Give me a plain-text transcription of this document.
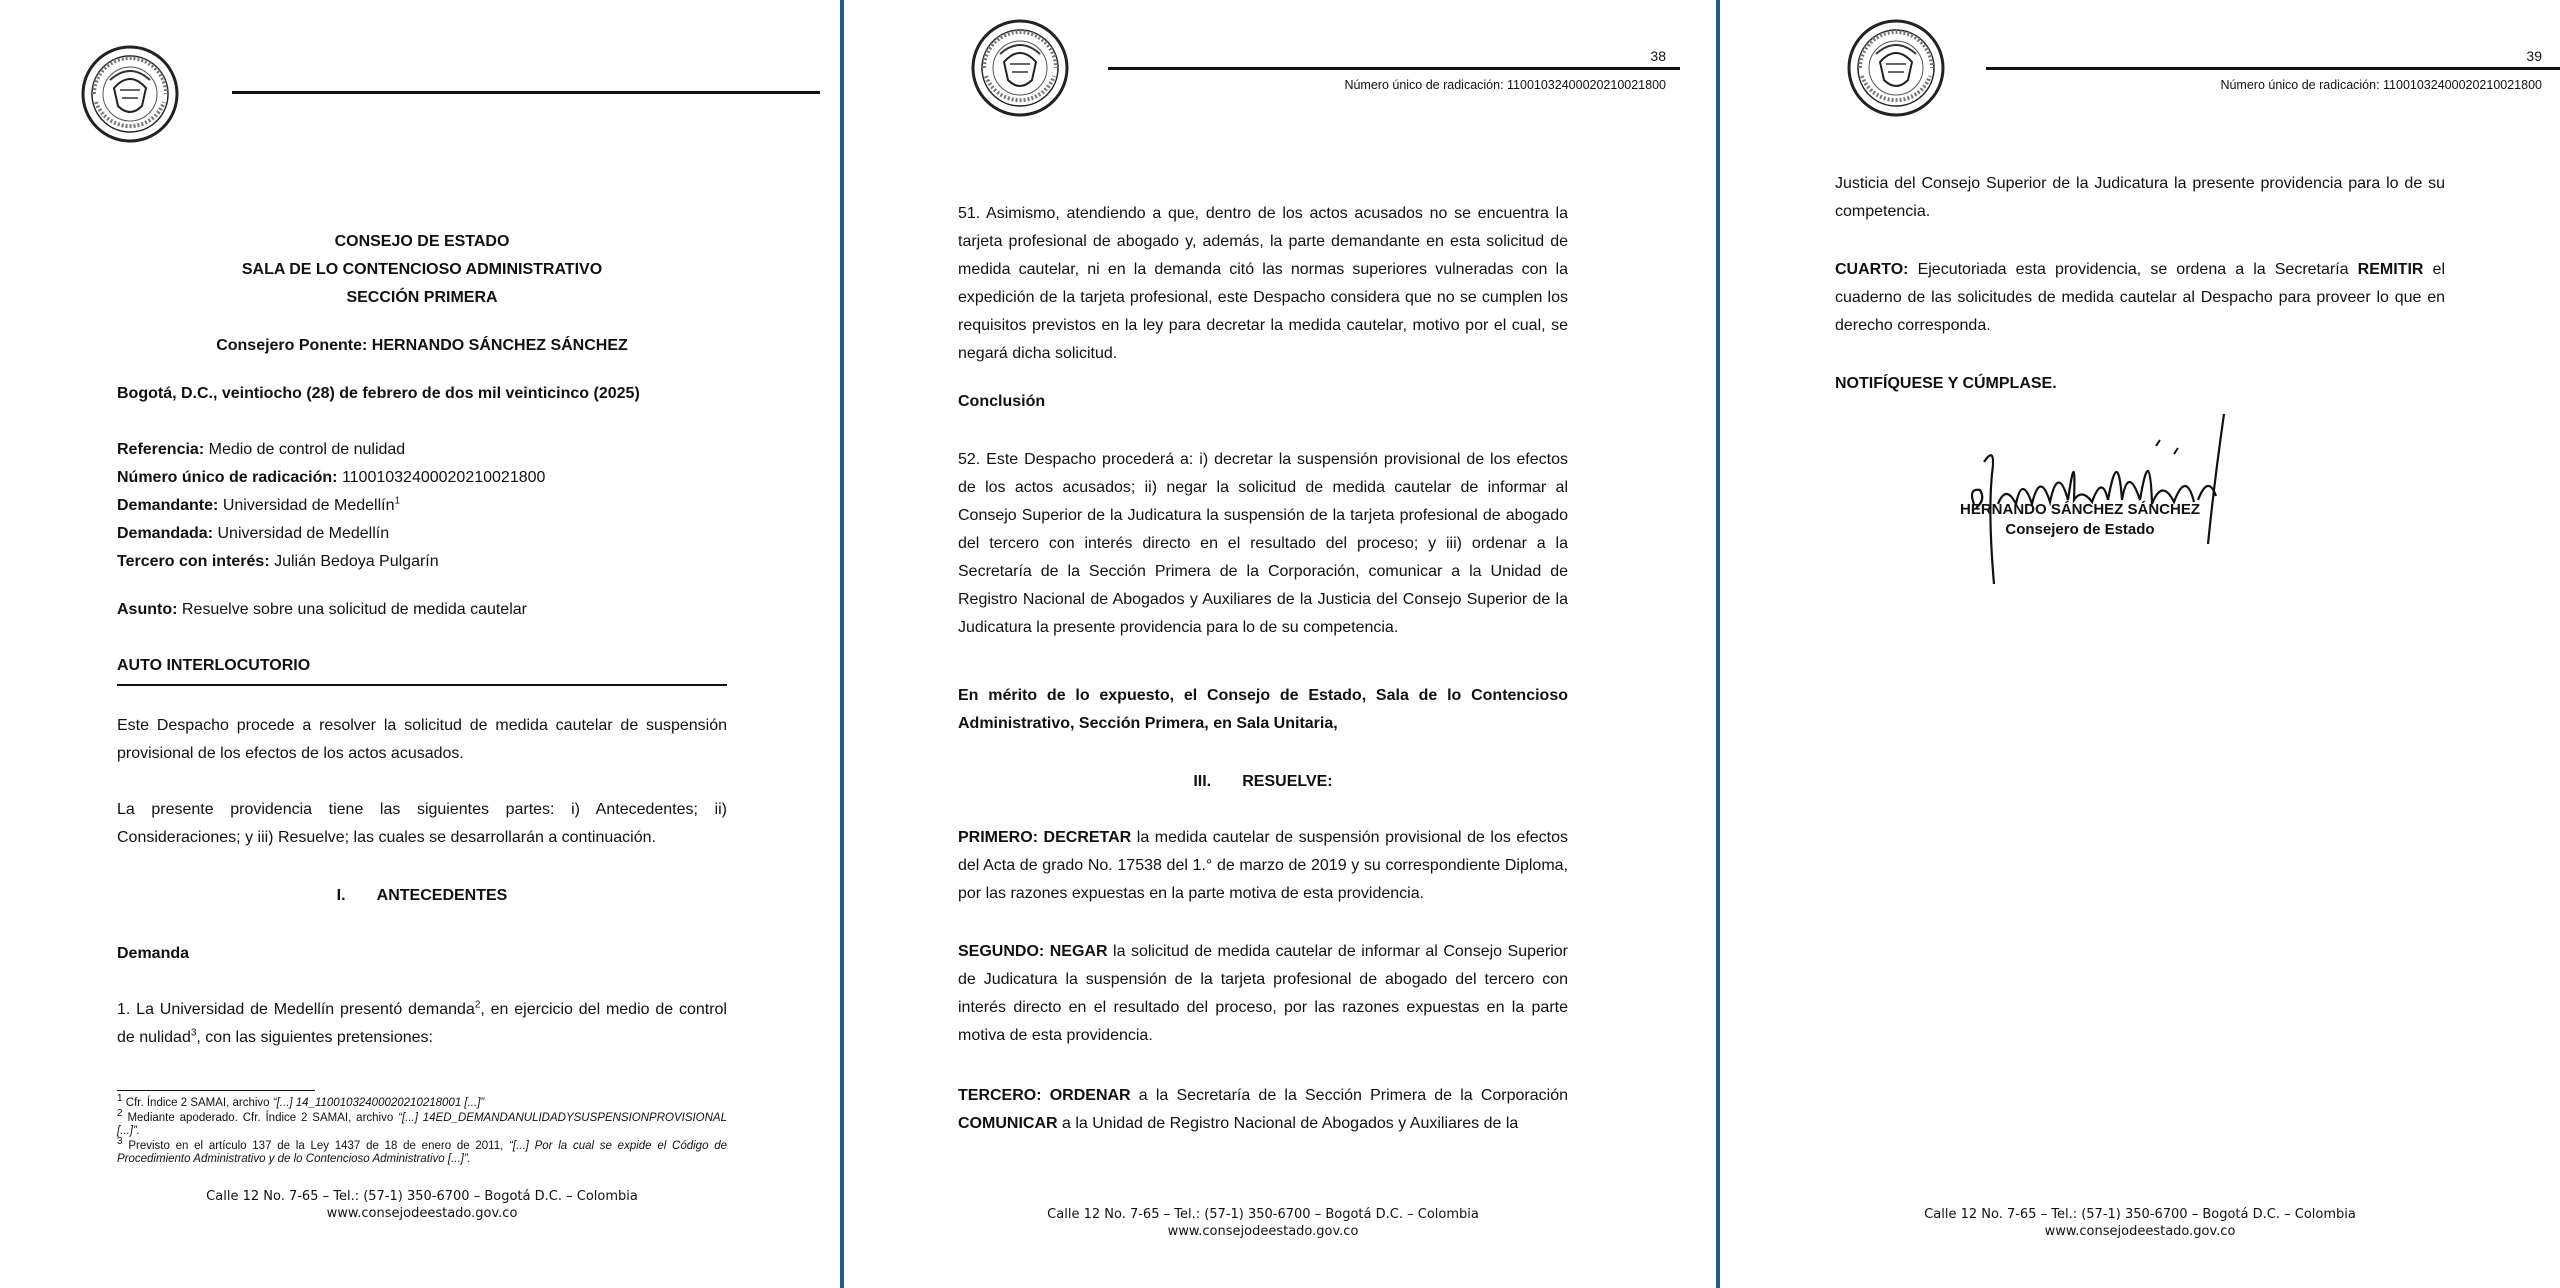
CONSEJO DE ESTADO
SALA DE LO CONTENCIOSO ADMINISTRATIVO
SECCIÓN PRIMERA
Consejero Ponente: HERNANDO SÁNCHEZ SÁNCHEZ
Bogotá, D.C., veintiocho (28) de febrero de dos mil veinticinco (2025)
Referencia: Medio de control de nulidad
Número único de radicación: 11001032400020210021800
Demandante: Universidad de Medellín$^1$
Demandada: Universidad de Medellín
Tercero con interés: Julián Bedoya Pulgarín
Asunto: Resuelve sobre una solicitud de medida cautelar
AUTO INTERLOCUTORIO
Este Despacho procede a resolver la solicitud de medida cautelar de suspensión provisional de los efectos de los actos acusados.
La presente providencia tiene las siguientes partes: i) Antecedentes; ii) Consideraciones; y iii) Resuelve; las cuales se desarrollarán a continuación.
I. ANTECEDENTES
Demanda
1. La Universidad de Medellín presentó demanda$^2$, en ejercicio del medio de control de nulidad$^3$, con las siguientes pretensiones:
$^1$ Cfr. Índice 2 SAMAI, archivo “[...] 14_11001032400020210218001 [...]”
$^2$ Mediante apoderado. Cfr. Índice 2 SAMAI, archivo “[...] 14ED_DEMANDANULIDADYSUSPENSIONPROVISIONAL [...]”.
$^3$ Previsto en el artículo 137 de la Ley 1437 de 18 de enero de 2011, “[...] Por la cual se expide el Código de Procedimiento Administrativo y de lo Contencioso Administrativo [...]”.
Calle 12 No. 7-65 – Tel.: (57-1) 350-6700 – Bogotá D.C. – Colombia
www.consejodeestado.gov.co
38
Número único de radicación: 11001032400020210021800
51. Asimismo, atendiendo a que, dentro de los actos acusados no se encuentra la tarjeta profesional de abogado y, además, la parte demandante en esta solicitud de medida cautelar, ni en la demanda citó las normas superiores vulneradas con la expedición de la tarjeta profesional, este Despacho considera que no se cumplen los requisitos previstos en la ley para decretar la medida cautelar, motivo por el cual, se negará dicha solicitud.
Conclusión
52. Este Despacho procederá a: i) decretar la suspensión provisional de los efectos de los actos acusados; ii) negar la solicitud de medida cautelar de informar al Consejo Superior de la Judicatura la suspensión de la tarjeta profesional de abogado del tercero con interés directo en el resultado del proceso; y iii) ordenar a la Secretaría de la Sección Primera de la Corporación, comunicar a la Unidad de Registro Nacional de Abogados y Auxiliares de la Justicia del Consejo Superior de la Judicatura la presente providencia para lo de su competencia.
En mérito de lo expuesto, el Consejo de Estado, Sala de lo Contencioso Administrativo, Sección Primera, en Sala Unitaria,
III. RESUELVE:
PRIMERO: DECRETAR la medida cautelar de suspensión provisional de los efectos del Acta de grado No. 17538 del 1.° de marzo de 2019 y su correspondiente Diploma, por las razones expuestas en la parte motiva de esta providencia.
SEGUNDO: NEGAR la solicitud de medida cautelar de informar al Consejo Superior de Judicatura la suspensión de la tarjeta profesional de abogado del tercero con interés directo en el resultado del proceso, por las razones expuestas en la parte motiva de esta providencia.
TERCERO: ORDENAR a la Secretaría de la Sección Primera de la Corporación COMUNICAR a la Unidad de Registro Nacional de Abogados y Auxiliares de la
Calle 12 No. 7-65 – Tel.: (57-1) 350-6700 – Bogotá D.C. – Colombia
www.consejodeestado.gov.co
39
Número único de radicación: 11001032400020210021800
Justicia del Consejo Superior de la Judicatura la presente providencia para lo de su competencia.
CUARTO: Ejecutoriada esta providencia, se ordena a la Secretaría REMITIR el cuaderno de las solicitudes de medida cautelar al Despacho para proveer lo que en derecho corresponda.
NOTIFÍQUESE Y CÚMPLASE.
HERNANDO SÁNCHEZ SÁNCHEZ
Consejero de Estado
Calle 12 No. 7-65 – Tel.: (57-1) 350-6700 – Bogotá D.C. – Colombia
www.consejodeestado.gov.co
